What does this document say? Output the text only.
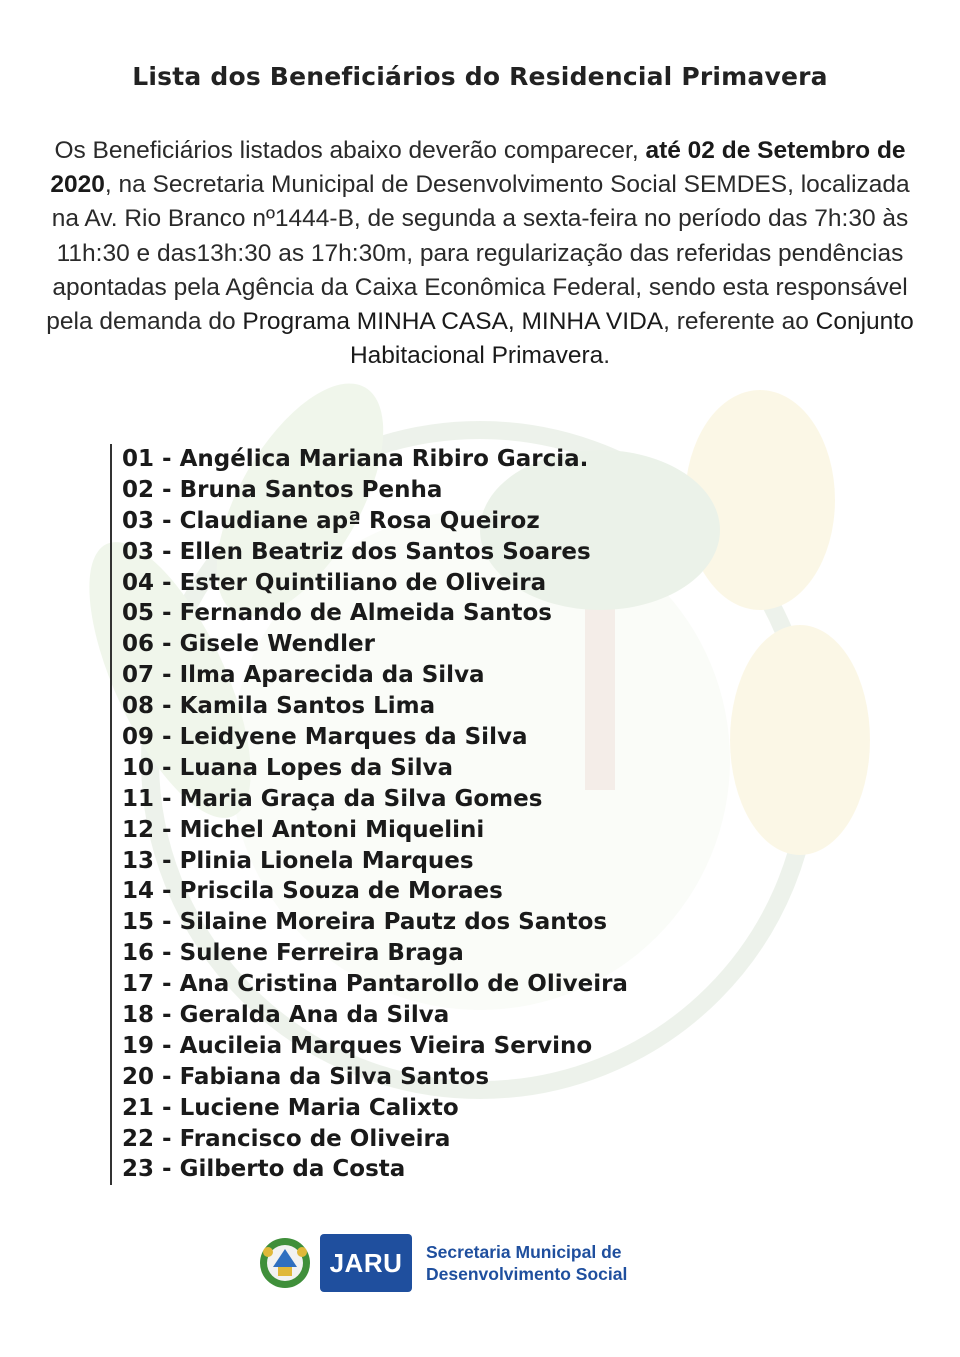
Lista dos Beneficiários do Residencial Primavera
Os Beneficiários listados abaixo deverão comparecer, até 02 de Setembro de 2020, na Secretaria Municipal de Desenvolvimento Social SEMDES, localizada na Av. Rio Branco nº1444-B, de segunda a sexta-feira no período das 7h:30 às 11h:30 e das13h:30 as 17h:30m, para regularização das referidas pendências apontadas pela Agência da Caixa Econômica Federal, sendo esta responsável pela demanda do Programa MINHA CASA, MINHA VIDA, referente ao Conjunto Habitacional Primavera.
01 - Angélica Mariana Ribiro Garcia.
02 - Bruna Santos Penha
03 - Claudiane apª Rosa Queiroz
03 - Ellen Beatriz dos Santos Soares
04 - Ester Quintiliano de Oliveira
05 - Fernando de Almeida Santos
06 - Gisele Wendler
07 - Ilma Aparecida da Silva
08 - Kamila Santos Lima
09 - Leidyene Marques da Silva
10 - Luana Lopes da Silva
11 - Maria Graça da Silva Gomes
12 - Michel Antoni Miquelini
13 - Plinia Lionela Marques
14 - Priscila Souza de Moraes
15 - Silaine Moreira Pautz dos Santos
16 - Sulene Ferreira Braga
17 - Ana Cristina Pantarollo de Oliveira
18 - Geralda Ana da Silva
19 - Aucileia Marques Vieira Servino
20 - Fabiana da Silva Santos
21 - Luciene Maria Calixto
22 - Francisco de Oliveira
23 - Gilberto da Costa
JARU	Secretaria Municipal de
Desenvolvimento Social
